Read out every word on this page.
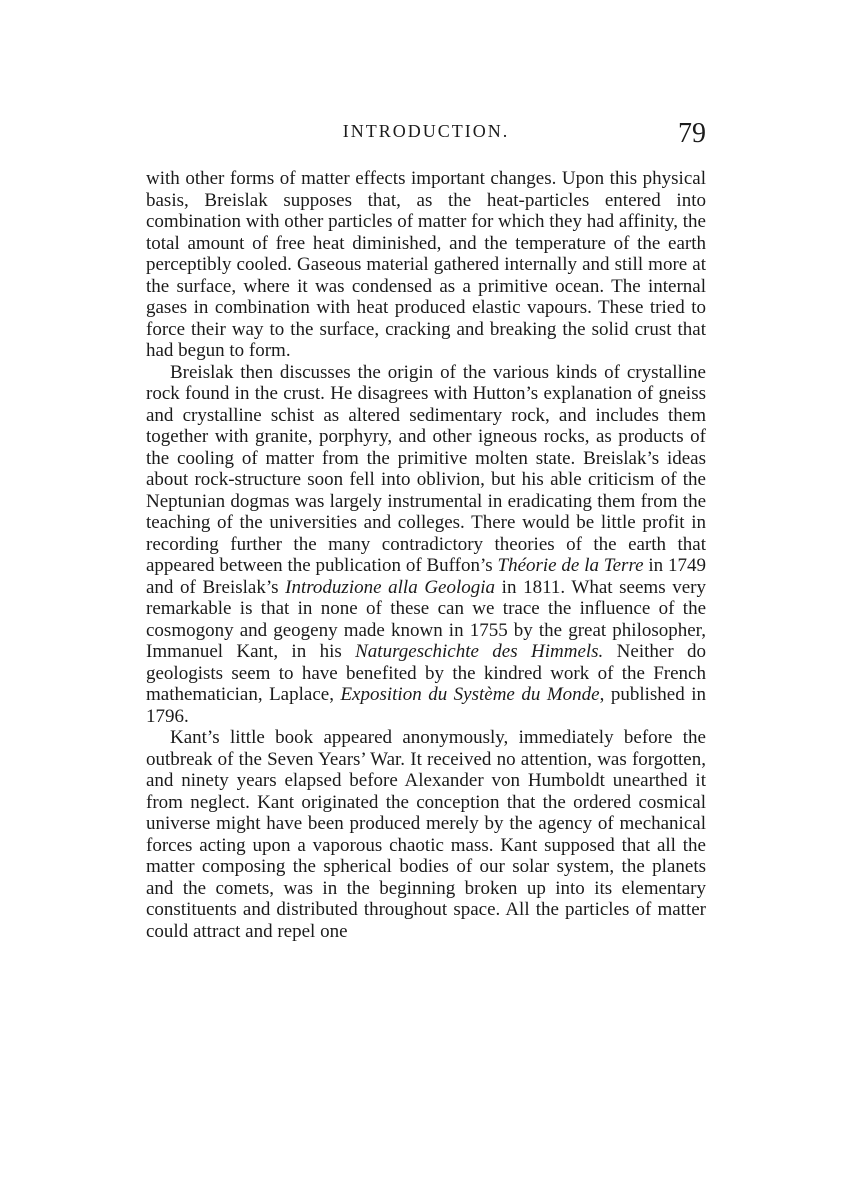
INTRODUCTION.	79

with other forms of matter effects important changes. Upon this physical basis, Breislak supposes that, as the heat-particles entered into combination with other particles of matter for which they had affinity, the total amount of free heat diminished, and the temperature of the earth perceptibly cooled. Gaseous material gathered internally and still more at the surface, where it was condensed as a primitive ocean. The internal gases in combination with heat produced elastic vapours. These tried to force their way to the surface, cracking and breaking the solid crust that had begun to form.

Breislak then discusses the origin of the various kinds of crystalline rock found in the crust. He disagrees with Hutton’s explanation of gneiss and crystalline schist as altered sedimentary rock, and includes them together with granite, porphyry, and other igneous rocks, as products of the cooling of matter from the primitive molten state. Breislak’s ideas about rock-structure soon fell into oblivion, but his able criticism of the Neptunian dogmas was largely instrumental in eradicating them from the teaching of the universities and colleges. There would be little profit in recording further the many contradictory theories of the earth that appeared between the publication of Buffon’s Théorie de la Terre in 1749 and of Breislak’s Introduzione alla Geologia in 1811. What seems very remarkable is that in none of these can we trace the influence of the cosmogony and geogeny made known in 1755 by the great philosopher, Immanuel Kant, in his Naturgeschichte des Himmels. Neither do geologists seem to have benefited by the kindred work of the French mathematician, Laplace, Exposition du Système du Monde, published in 1796.

Kant’s little book appeared anonymously, immediately before the outbreak of the Seven Years’ War. It received no attention, was forgotten, and ninety years elapsed before Alexander von Humboldt unearthed it from neglect. Kant originated the conception that the ordered cosmical universe might have been produced merely by the agency of mechanical forces acting upon a vaporous chaotic mass. Kant supposed that all the matter composing the spherical bodies of our solar system, the planets and the comets, was in the beginning broken up into its elementary constituents and distributed throughout space. All the particles of matter could attract and repel one
